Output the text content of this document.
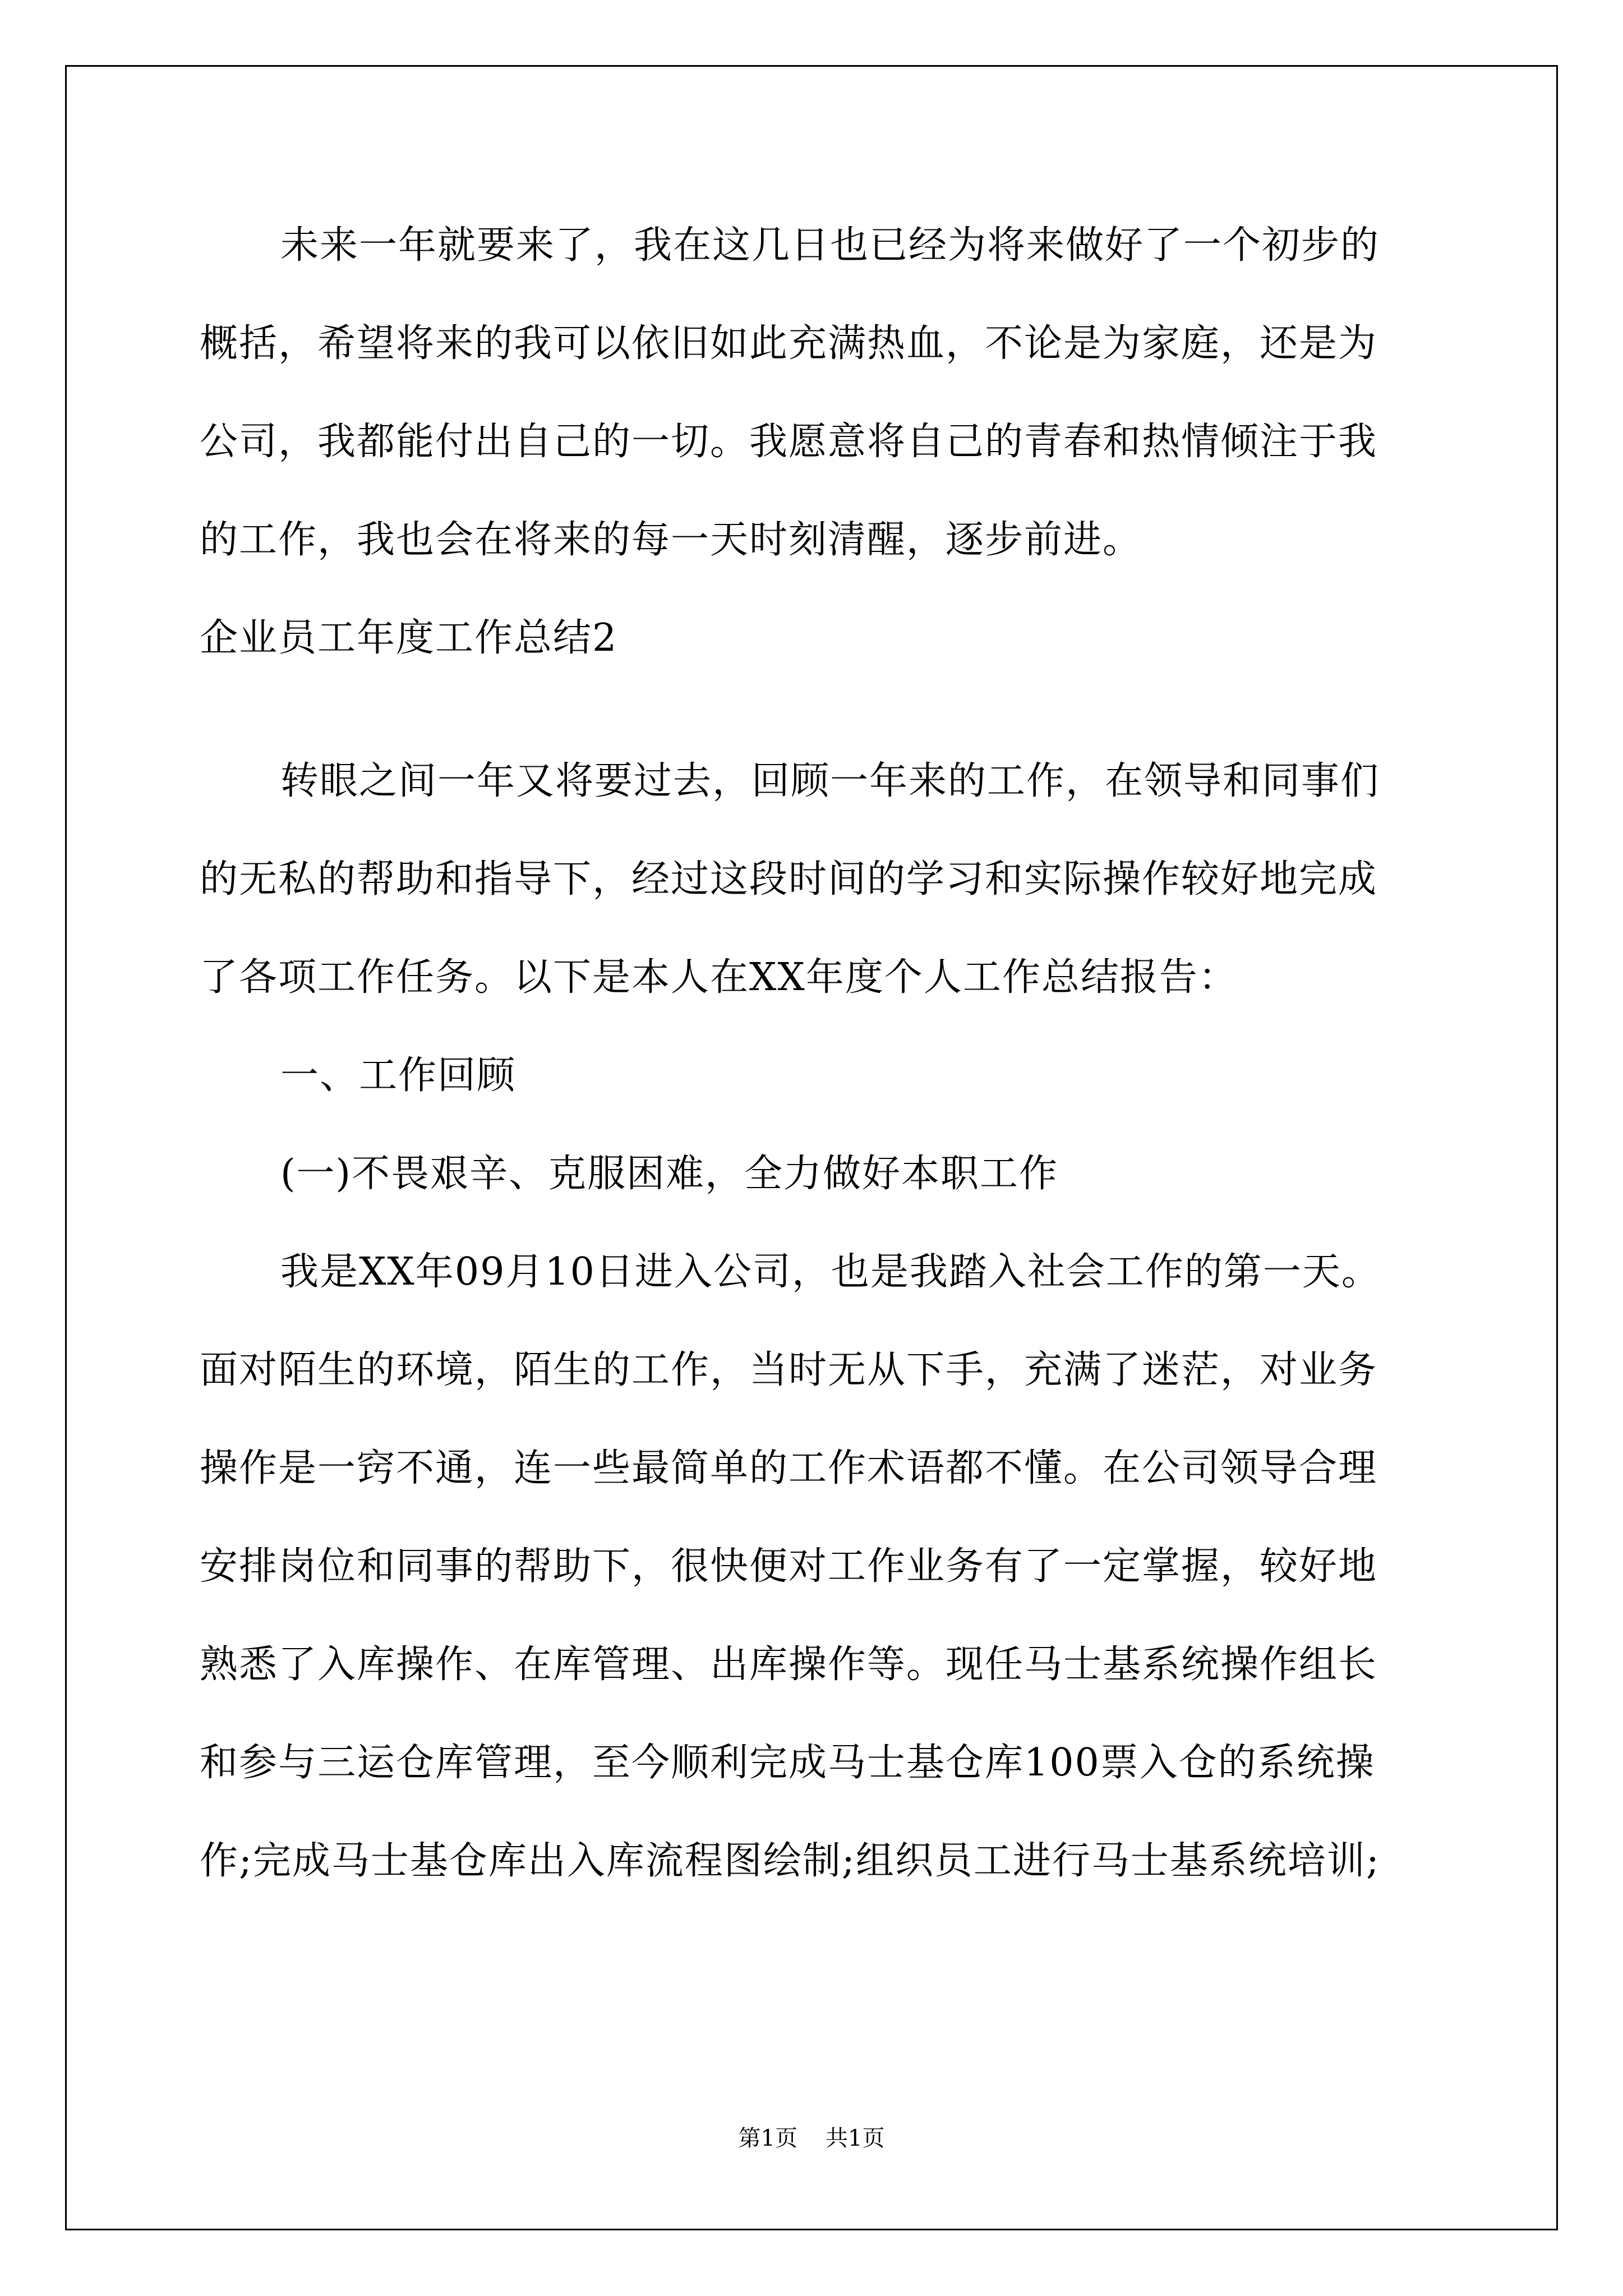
未来一年就要来了，我在这几日也已经为将来做好了一个初步的
概括，希望将来的我可以依旧如此充满热血，不论是为家庭，还是为
公司，我都能付出自己的一切。我愿意将自己的青春和热情倾注于我
的工作，我也会在将来的每一天时刻清醒，逐步前进。
企业员工年度工作总结2
转眼之间一年又将要过去，回顾一年来的工作，在领导和同事们
的无私的帮助和指导下，经过这段时间的学习和实际操作较好地完成
了各项工作任务。以下是本人在XX年度个人工作总结报告：
一、工作回顾
(一)不畏艰辛、克服困难，全力做好本职工作
我是XX年09月10日进入公司，也是我踏入社会工作的第一天。
面对陌生的环境，陌生的工作，当时无从下手，充满了迷茫，对业务
操作是一窍不通，连一些最简单的工作术语都不懂。在公司领导合理
安排岗位和同事的帮助下，很快便对工作业务有了一定掌握，较好地
熟悉了入库操作、在库管理、出库操作等。现任马士基系统操作组长
和参与三运仓库管理，至今顺利完成马士基仓库100票入仓的系统操
作;完成马士基仓库出入库流程图绘制;组织员工进行马士基系统培训;
第1页 共1页
